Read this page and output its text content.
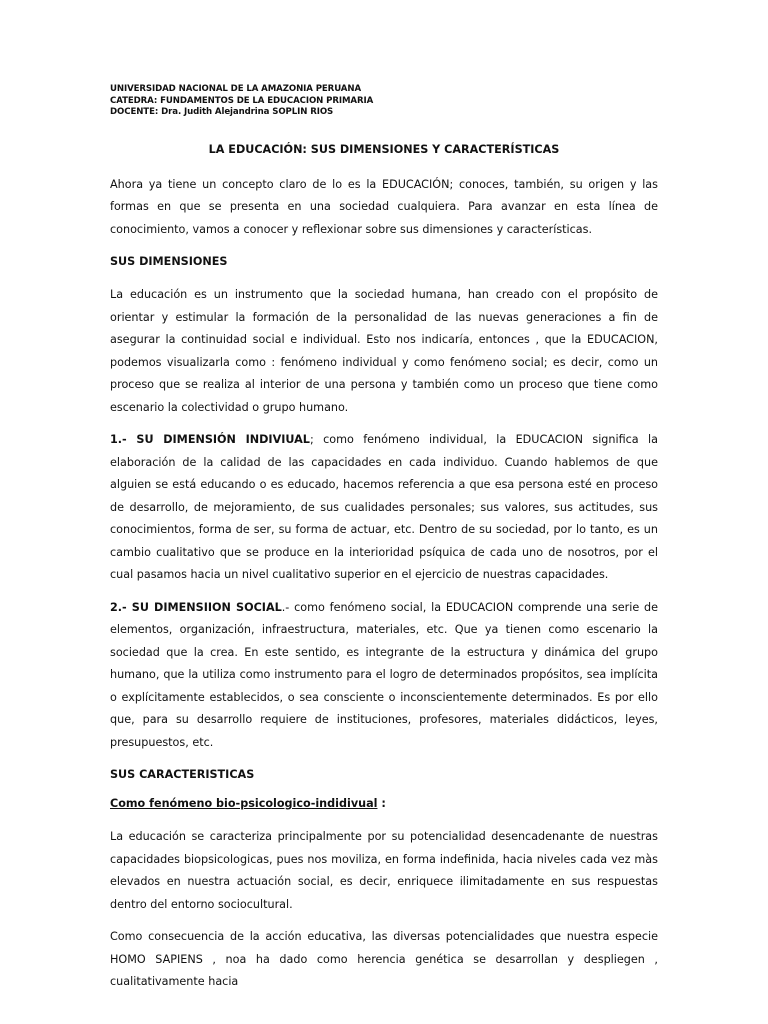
UNIVERSIDAD NACIONAL DE LA AMAZONIA PERUANA

CATEDRA: FUNDAMENTOS DE LA EDUCACION PRIMARIA

DOCENTE: Dra. Judith Alejandrina SOPLIN RIOS

LA EDUCACIÓN: SUS DIMENSIONES Y CARACTERÍSTICAS

Ahora ya tiene un concepto claro de lo es la EDUCACIÓN; conoces, también, su origen y las formas en que se presenta en una sociedad cualquiera. Para avanzar en esta línea de conocimiento, vamos a conocer y reflexionar sobre sus dimensiones y características.

SUS DIMENSIONES

La educación es un instrumento que la sociedad humana, han creado con el propósito de orientar y estimular la formación de la personalidad de las nuevas generaciones a fin de asegurar la continuidad social e individual. Esto nos indicaría, entonces , que la EDUCACION, podemos visualizarla como : fenómeno individual y como fenómeno social; es decir, como un proceso que se realiza al interior de una persona y también como un proceso que tiene como escenario la colectividad o grupo humano.

1.- SU DIMENSIÓN INDIVIUAL; como fenómeno individual, la EDUCACION significa la elaboración de la calidad de las capacidades en cada individuo. Cuando hablemos de que alguien se está educando o es educado, hacemos referencia a que esa persona esté en proceso de desarrollo, de mejoramiento, de sus cualidades personales; sus valores, sus actitudes, sus conocimientos, forma de ser, su forma de actuar, etc. Dentro de su sociedad, por lo tanto, es un cambio cualitativo que se produce en la interioridad psíquica de cada uno de nosotros, por el cual pasamos hacia un nivel cualitativo superior en el ejercicio de nuestras capacidades.

2.- SU DIMENSIION SOCIAL.- como fenómeno social, la EDUCACION comprende una serie de elementos, organización, infraestructura, materiales, etc. Que ya tienen como escenario la sociedad que la crea. En este sentido, es integrante de la estructura y dinámica del grupo humano, que la utiliza como instrumento para el logro de determinados propósitos, sea implícita o explícitamente establecidos, o sea consciente o inconscientemente determinados. Es por ello que, para su desarrollo requiere de instituciones, profesores, materiales didácticos, leyes, presupuestos, etc.

SUS CARACTERISTICAS
Como fenómeno bio-psicologico-indidivual :

La educación se caracteriza principalmente por su potencialidad desencadenante de nuestras capacidades biopsicologicas, pues nos moviliza, en forma indefinida, hacia niveles cada vez màs elevados en nuestra actuación social, es decir, enriquece ilimitadamente en sus respuestas dentro del entorno sociocultural.

Como consecuencia de la acción educativa, las diversas potencialidades que nuestra especie HOMO SAPIENS , noa ha dado como herencia genética se desarrollan y despliegen , cualitativamente hacia
